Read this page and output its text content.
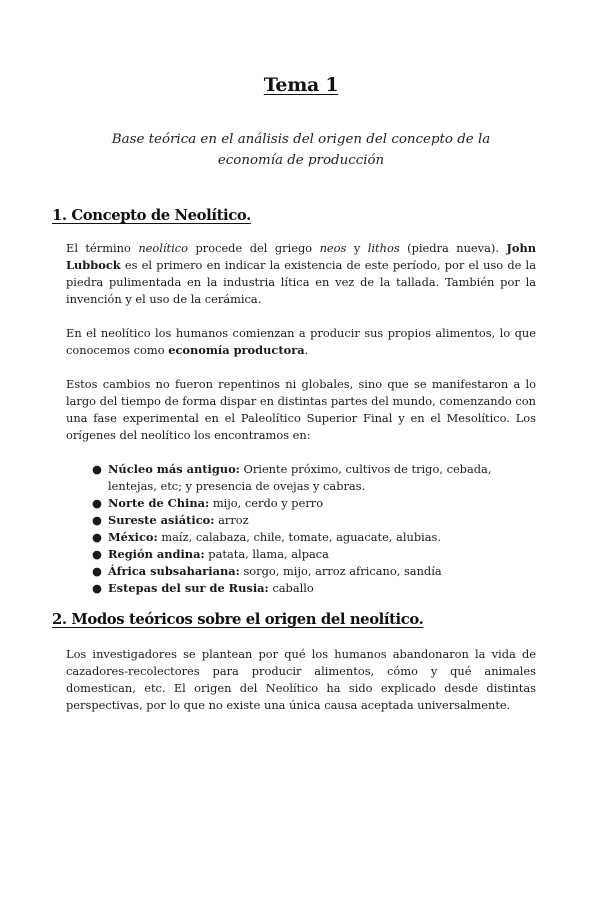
Tema 1
Base teórica en el análisis del origen del concepto de la economía de producción
1. Concepto de Neolítico.

El término neolítico procede del griego neos y lithos (piedra nueva). John Lubbock es el primero en indicar la existencia de este período, por el uso de la piedra pulimentada en la industria lítica en vez de la tallada. También por la invención y el uso de la cerámica.

En el neolítico los humanos comienzan a producir sus propios alimentos, lo que conocemos como economía productora.

Estos cambios no fueron repentinos ni globales, sino que se manifestaron a lo largo del tiempo de forma dispar en distintas partes del mundo, comenzando con una fase experimental en el Paleolítico Superior Final y en el Mesolítico. Los orígenes del neolítico los encontramos en:

● Núcleo más antiguo: Oriente próximo, cultivos de trigo, cebada, lentejas, etc; y presencia de ovejas y cabras.
● Norte de China: mijo, cerdo y perro
● Sureste asiático: arroz
● México: maíz, calabaza, chile, tomate, aguacate, alubias.
● Región andina: patata, llama, alpaca
● África subsahariana: sorgo, mijo, arroz africano, sandía
● Estepas del sur de Rusia: caballo
2. Modos teóricos sobre el origen del neolítico.

Los investigadores se plantean por qué los humanos abandonaron la vida de cazadores-recolectores para producir alimentos, cómo y qué animales domestican, etc. El origen del Neolítico ha sido explicado desde distintas perspectivas, por lo que no existe una única causa aceptada universalmente.
